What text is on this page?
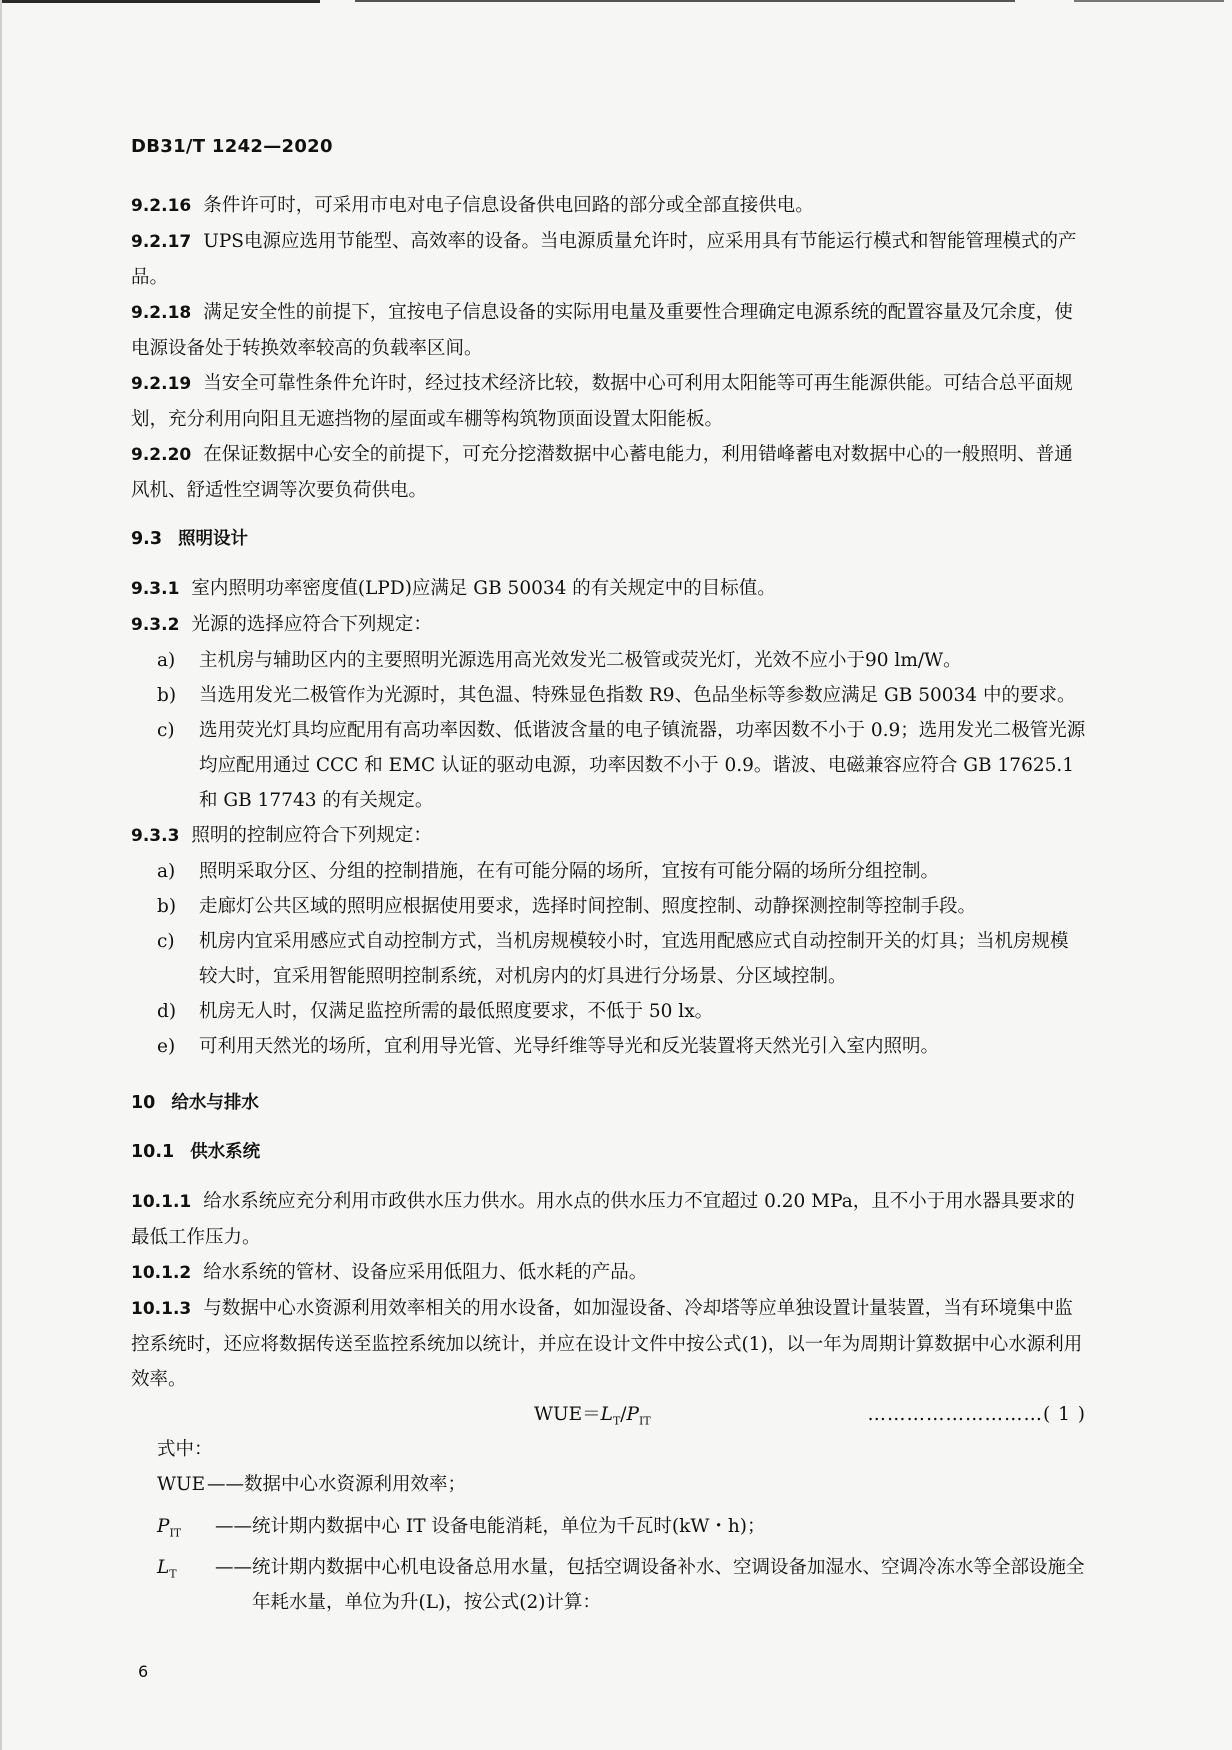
DB31/T 1242—2020

9.2.16 条件许可时，可采用市电对电子信息设备供电回路的部分或全部直接供电。

9.2.17 UPS电源应选用节能型、高效率的设备。当电源质量允许时，应采用具有节能运行模式和智能管理模式的产品。

9.2.18 满足安全性的前提下，宜按电子信息设备的实际用电量及重要性合理确定电源系统的配置容量及冗余度，使电源设备处于转换效率较高的负载率区间。

9.2.19 当安全可靠性条件允许时，经过技术经济比较，数据中心可利用太阳能等可再生能源供能。可结合总平面规划，充分利用向阳且无遮挡物的屋面或车棚等构筑物顶面设置太阳能板。

9.2.20 在保证数据中心安全的前提下，可充分挖潜数据中心蓄电能力，利用错峰蓄电对数据中心的一般照明、普通风机、舒适性空调等次要负荷供电。

9.3 照明设计

9.3.1 室内照明功率密度值(LPD)应满足 GB 50034 的有关规定中的目标值。

9.3.2 光源的选择应符合下列规定：

a)	主机房与辅助区内的主要照明光源选用高光效发光二极管或荧光灯，光效不应小于90 lm/W。
b)	当选用发光二极管作为光源时，其色温、特殊显色指数 R9、色品坐标等参数应满足 GB 50034 中的要求。
c)	选用荧光灯具均应配用有高功率因数、低谐波含量的电子镇流器，功率因数不小于 0.9；选用发光二极管光源均应配用通过 CCC 和 EMC 认证的驱动电源，功率因数不小于 0.9。谐波、电磁兼容应符合 GB 17625.1 和 GB 17743 的有关规定。

9.3.3 照明的控制应符合下列规定：

a)	照明采取分区、分组的控制措施，在有可能分隔的场所，宜按有可能分隔的场所分组控制。
b)	走廊灯公共区域的照明应根据使用要求，选择时间控制、照度控制、动静探测控制等控制手段。
c)	机房内宜采用感应式自动控制方式，当机房规模较小时，宜选用配感应式自动控制开关的灯具；当机房规模较大时，宜采用智能照明控制系统，对机房内的灯具进行分场景、分区域控制。
d)	机房无人时，仅满足监控所需的最低照度要求，不低于 50 lx。
e)	可利用天然光的场所，宜利用导光管、光导纤维等导光和反光装置将天然光引入室内照明。

10 给水与排水

10.1 供水系统

10.1.1 给水系统应充分利用市政供水压力供水。用水点的供水压力不宜超过 0.20 MPa，且不小于用水器具要求的最低工作压力。

10.1.2 给水系统的管材、设备应采用低阻力、低水耗的产品。

10.1.3 与数据中心水资源利用效率相关的用水设备，如加湿设备、冷却塔等应单独设置计量装置，当有环境集中监控系统时，还应将数据传送至监控系统加以统计，并应在设计文件中按公式(1)，以一年为周期计算数据中心水源利用效率。

$WUE=L_T/P_{IT}$	………………………( 1 )

式中：

WUE —— 数据中心水资源利用效率；
$P_{IT}$	—— 统计期内数据中心 IT 设备电能消耗，单位为千瓦时(kW・h)；
$L_T$	—— 统计期内数据中心机电设备总用水量，包括空调设备补水、空调设备加湿水、空调冷冻水等全部设施全年耗水量，单位为升(L)，按公式(2)计算：
6
